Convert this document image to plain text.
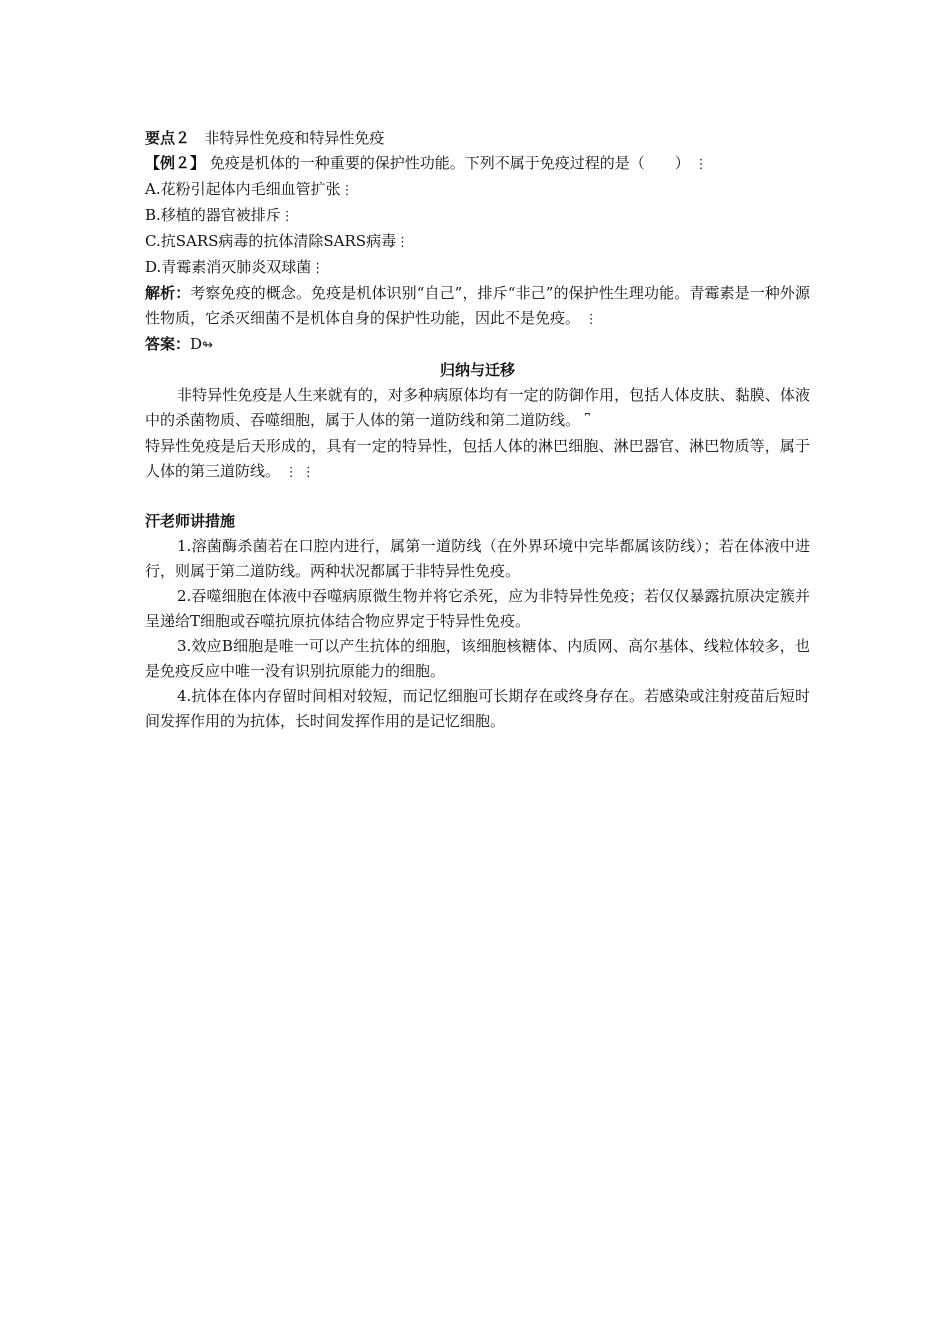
要点２ 非特异性免疫和特异性免疫
【例２】 免疫是机体的一种重要的保护性功能。下列不属于免疫过程的是（　　） ⋮
A.花粉引起体内毛细血管扩张⋮
B.移植的器官被排斥⋮
C.抗SARS病毒的抗体清除SARS病毒⋮
D.青霉素消灭肺炎双球菌⋮
解析：考察免疫的概念。免疫是机体识别“自己”，排斥“非己”的保护性生理功能。青霉素是一种外源性物质，它杀灭细菌不是机体自身的保护性功能，因此不是免疫。 ⋮
答案：D↬
归纳与迁移
非特异性免疫是人生来就有的，对多种病原体均有一定的防御作用，包括人体皮肤、黏膜、体液中的杀菌物质、吞噬细胞，属于人体的第一道防线和第二道防线。 ⎴
特异性免疫是后天形成的，具有一定的特异性，包括人体的淋巴细胞、淋巴器官、淋巴物质等，属于人体的第三道防线。 ⋮ ⋮
汗老师讲措施
1.溶菌酶杀菌若在口腔内进行，属第一道防线（在外界环境中完毕都属该防线）；若在体液中进行，则属于第二道防线。两种状况都属于非特异性免疫。
2.吞噬细胞在体液中吞噬病原微生物并将它杀死，应为非特异性免疫；若仅仅暴露抗原决定簇并呈递给T细胞或吞噬抗原抗体结合物应界定于特异性免疫。
3.效应B细胞是唯一可以产生抗体的细胞，该细胞核糖体、内质网、高尔基体、线粒体较多，也是免疫反应中唯一没有识别抗原能力的细胞。
4.抗体在体内存留时间相对较短，而记忆细胞可长期存在或终身存在。若感染或注射疫苗后短时间发挥作用的为抗体，长时间发挥作用的是记忆细胞。
